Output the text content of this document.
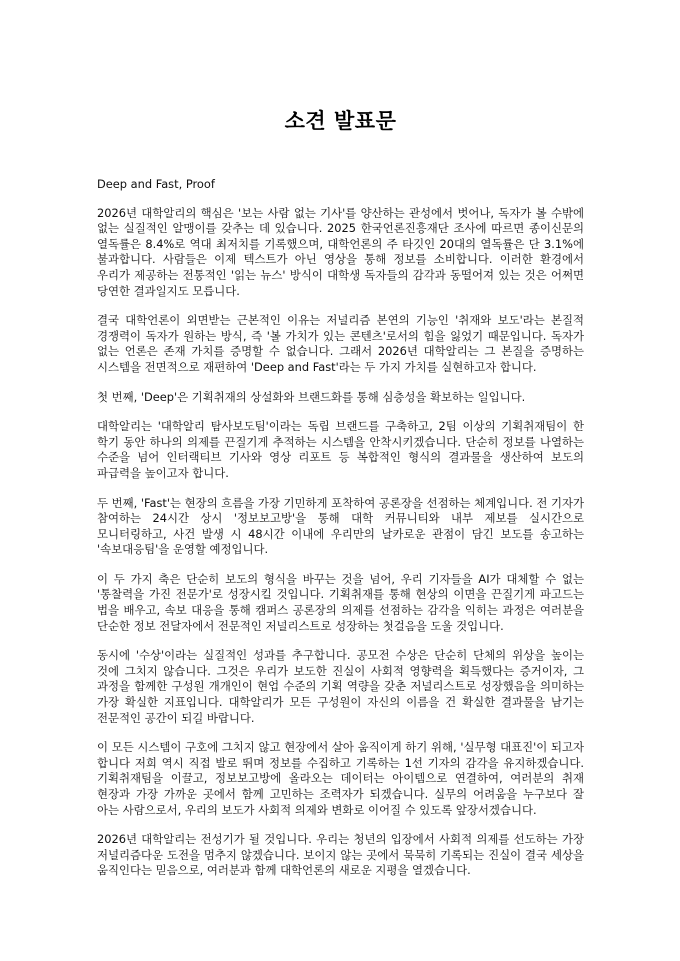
소견 발표문

Deep and Fast, Proof

2026년 대학알리의 핵심은 '보는 사람 없는 기사'를 양산하는 관성에서 벗어나, 독자가 볼 수밖에 없는 실질적인 알맹이를 갖추는 데 있습니다. 2025 한국언론진흥재단 조사에 따르면 종이신문의 열독률은 8.4%로 역대 최저치를 기록했으며, 대학언론의 주 타깃인 20대의 열독률은 단 3.1%에 불과합니다. 사람들은 이제 텍스트가 아닌 영상을 통해 정보를 소비합니다. 이러한 환경에서 우리가 제공하는 전통적인 '읽는 뉴스' 방식이 대학생 독자들의 감각과 동떨어져 있는 것은 어쩌면 당연한 결과일지도 모릅니다.

결국 대학언론이 외면받는 근본적인 이유는 저널리즘 본연의 기능인 '취재와 보도'라는 본질적 경쟁력이 독자가 원하는 방식, 즉 '볼 가치가 있는 콘텐츠'로서의 힘을 잃었기 때문입니다. 독자가 없는 언론은 존재 가치를 증명할 수 없습니다. 그래서 2026년 대학알리는 그 본질을 증명하는 시스템을 전면적으로 재편하여 'Deep and Fast'라는 두 가지 가치를 실현하고자 합니다.

첫 번째, 'Deep'은 기획취재의 상설화와 브랜드화를 통해 심층성을 확보하는 일입니다.

대학알리는 '대학알리 탐사보도팀'이라는 독립 브랜드를 구축하고, 2팀 이상의 기획취재팀이 한 학기 동안 하나의 의제를 끈질기게 추적하는 시스템을 안착시키겠습니다. 단순히 정보를 나열하는 수준을 넘어 인터랙티브 기사와 영상 리포트 등 복합적인 형식의 결과물을 생산하여 보도의 파급력을 높이고자 합니다.

두 번째, 'Fast'는 현장의 흐름을 가장 기민하게 포착하여 공론장을 선점하는 체계입니다. 전 기자가 참여하는 24시간 상시 '정보보고방'을 통해 대학 커뮤니티와 내부 제보를 실시간으로 모니터링하고, 사건 발생 시 48시간 이내에 우리만의 날카로운 관점이 담긴 보도를 송고하는 '속보대응팀'을 운영할 예정입니다.

이 두 가지 축은 단순히 보도의 형식을 바꾸는 것을 넘어, 우리 기자들을 AI가 대체할 수 없는 '통찰력을 가진 전문가'로 성장시킬 것입니다. 기획취재를 통해 현상의 이면을 끈질기게 파고드는 법을 배우고, 속보 대응을 통해 캠퍼스 공론장의 의제를 선점하는 감각을 익히는 과정은 여러분을 단순한 정보 전달자에서 전문적인 저널리스트로 성장하는 첫걸음을 도울 것입니다.

동시에 '수상'이라는 실질적인 성과를 추구합니다. 공모전 수상은 단순히 단체의 위상을 높이는 것에 그치지 않습니다. 그것은 우리가 보도한 진실이 사회적 영향력을 획득했다는 증거이자, 그 과정을 함께한 구성원 개개인이 현업 수준의 기획 역량을 갖춘 저널리스트로 성장했음을 의미하는 가장 확실한 지표입니다. 대학알리가 모든 구성원이 자신의 이름을 건 확실한 결과물을 남기는 전문적인 공간이 되길 바랍니다.

이 모든 시스템이 구호에 그치지 않고 현장에서 살아 움직이게 하기 위해, '실무형 대표진'이 되고자 합니다 저희 역시 직접 발로 뛰며 정보를 수집하고 기록하는 1선 기자의 감각을 유지하겠습니다. 기획취재팀을 이끌고, 정보보고방에 올라오는 데이터는 아이템으로 연결하여, 여러분의 취재 현장과 가장 가까운 곳에서 함께 고민하는 조력자가 되겠습니다. 실무의 어려움을 누구보다 잘 아는 사람으로서, 우리의 보도가 사회적 의제와 변화로 이어질 수 있도록 앞장서겠습니다.

2026년 대학알리는 전성기가 될 것입니다. 우리는 청년의 입장에서 사회적 의제를 선도하는 가장 저널리즘다운 도전을 멈추지 않겠습니다. 보이지 않는 곳에서 묵묵히 기록되는 진실이 결국 세상을 움직인다는 믿음으로, 여러분과 함께 대학언론의 새로운 지평을 열겠습니다.
